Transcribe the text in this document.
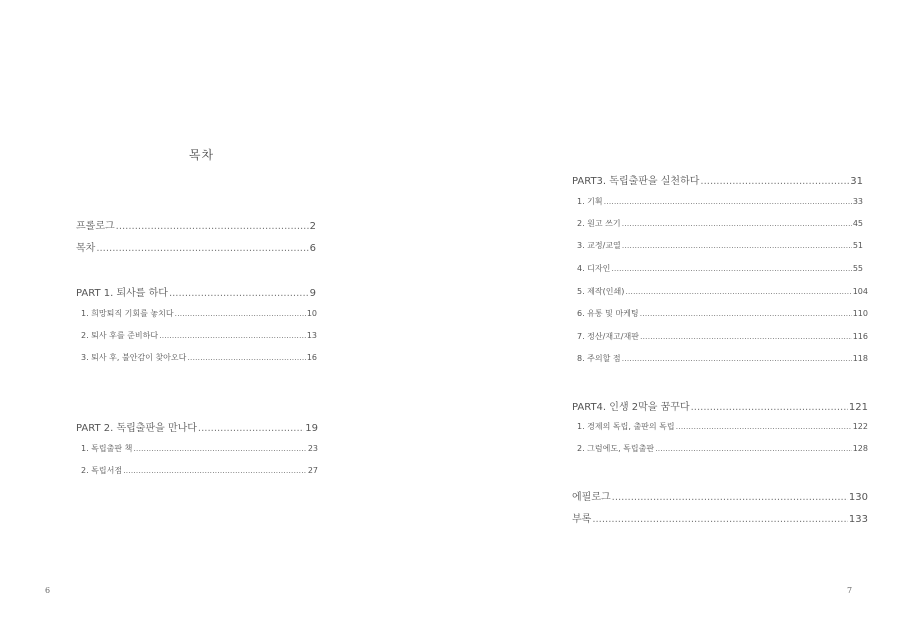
목차
프롤로그 .....	2
목차 .....	6
PART 1. 퇴사를 하다 .....	9
1. 희망퇴직 기회를 놓치다 .....	10
2. 퇴사 후를 준비하다 .....	13
3. 퇴사 후, 불안감이 찾아오다 .....	16
PART 2. 독립출판을 만나다 .....	19
1. 독립출판 책 .....	23
2. 독립서점 .....	27
6
PART3. 독립출판을 실천하다 .....	31
1. 기획 .....	33
2. 원고 쓰기 .....	45
3. 교정/교열 .....	51
4. 디자인 .....	55
5. 제작(인쇄) .....	104
6. 유통 및 마케팅 .....	110
7. 정산/재고/재판 .....	116
8. 주의할 점 .....	118
PART4. 인생 2막을 꿈꾸다 .....	121
1. 경제의 독립, 출판의 독립 .....	122
2. 그럼에도, 독립출판 .....	128
에필로그 .....	130
부록 .....	133
7
